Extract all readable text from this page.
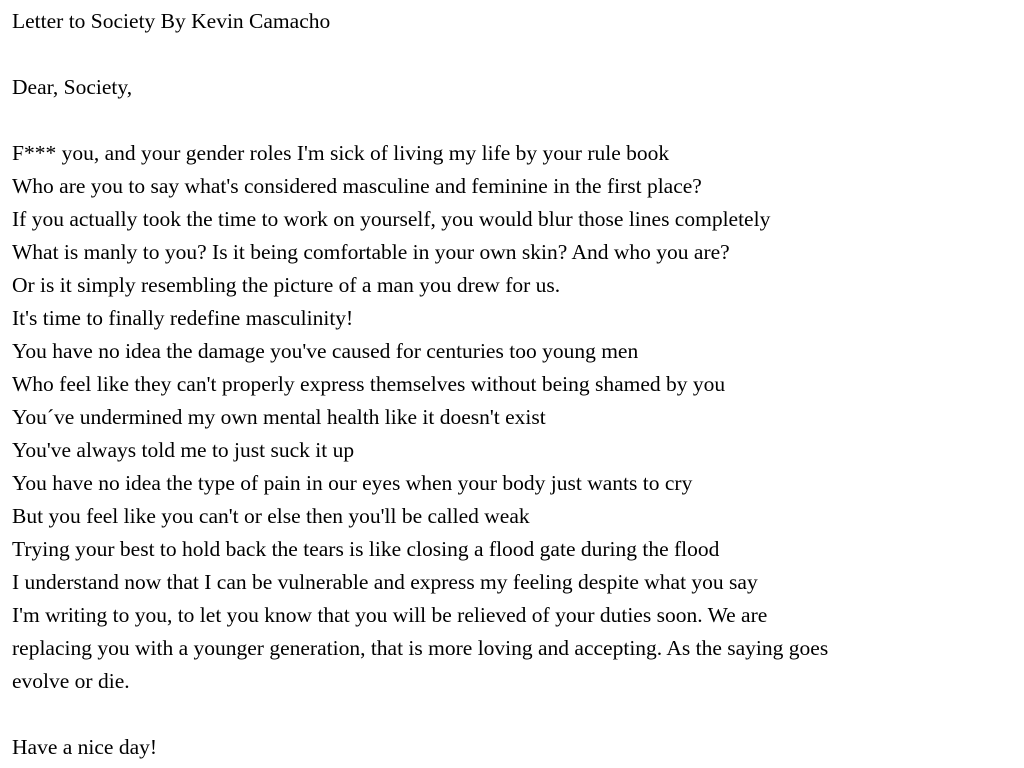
Letter to Society By Kevin Camacho
Dear, Society,
F*** you, and your gender roles I'm sick of living my life by your rule book
Who are you to say what's considered masculine and feminine in the first place?
If you actually took the time to work on yourself, you would blur those lines completely
What is manly to you? Is it being comfortable in your own skin? And who you are?
Or is it simply resembling the picture of a man you drew for us.
It's time to finally redefine masculinity!
You have no idea the damage you've caused for centuries too young men
Who feel like they can't properly express themselves without being shamed by you
You´ve undermined my own mental health like it doesn't exist
You've always told me to just suck it up
You have no idea the type of pain in our eyes when your body just wants to cry
But you feel like you can't or else then you'll be called weak
Trying your best to hold back the tears is like closing a flood gate during the flood
I understand now that I can be vulnerable and express my feeling despite what you say
I'm writing to you, to let you know that you will be relieved of your duties soon. We are
replacing you with a younger generation, that is more loving and accepting. As the saying goes
evolve or die.
Have a nice day!
